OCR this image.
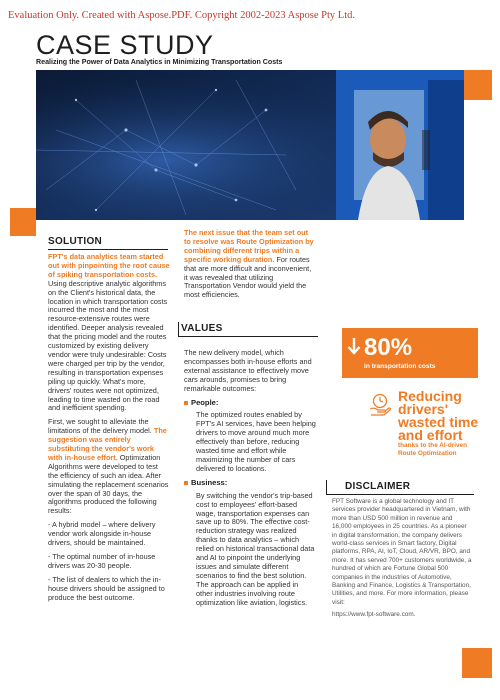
Evaluation Only. Created with Aspose.PDF. Copyright 2002-2023 Aspose Pty Ltd.
CASE STUDY
Realizing the Power of Data Analytics in Minimizing Transportation Costs
SOLUTION

FPT's data analytics team started out with pinpointing the root cause of spiking transportation costs. Using descriptive analytic algorithms on the Client's historical data, the location in which transportation costs incurred the most and the most resource-extensive routes were identified. Deeper analysis revealed that the pricing model and the routes customized by existing delivery vendor were truly undesirable: Costs were charged per trip by the vendor, resulting in transportation expenses piling up quickly. What's more, drivers' routes were not optimized, leading to time wasted on the road and inefficient spending.

First, we sought to alleviate the limitations of the delivery model. The suggestion was entirely substituting the vendor's work with in-house effort. Optimization Algorithms were developed to test the efficiency of such an idea. After simulating the replacement scenarios over the span of 30 days, the algorithms produced the following results:

- A hybrid model – where delivery vendor work alongside in-house drivers, should be maintained.

- The optimal number of in-house drivers was 20-30 people.

- The list of dealers to which the in-house drivers should be assigned to produce the best outcome.

The next issue that the team set out to resolve was Route Optimization by combining different trips within a specific working duration. For routes that are more difficult and inconvenient, it was revealed that utilizing Transportation Vendor would yield the most efficiencies.

VALUES

The new delivery model, which encompasses both in-house efforts and external assistance to effectively move cars arounds, promises to bring remarkable outcomes:

People :

The optimized routes enabled by FPT's AI services, have been helping drivers to move around much more effectively than before, reducing wasted time and effort while maximizing the number of cars delivered to locations.

Business :

By switching the vendor's trip-based cost to employees' effort-based wage, transportation expenses can save up to 80%. The effective cost-reduction strategy was realized thanks to data analytics – which relied on historical transactional data and AI to pinpoint the underlying issues and simulate different scenarios to find the best solution. The approach can be applied in other industries involving route optimization like aviation, logistics.

80%
in transportation costs
Reducing
drivers'
wasted time
and effort
thanks to the AI-driven
Route Optimization
DISCLAIMER

FPT Software is a global technology and IT services provider headquartered in Vietnam, with more than USD 500 million in revenue and 16,000 employees in 25 countries. As a pioneer in digital transformation, the company delivers world-class services in Smart factory, Digital platforms, RPA, AI, IoT, Cloud, AR/VR, BPO, and more. It has served 700+ customers worldwide, a hundred of which are Fortune Global 500 companies in the industries of Automotive, Banking and Finance, Logistics & Transportation, Utilities, and more. For more information, please visit:

https://www.fpt-software.com.
